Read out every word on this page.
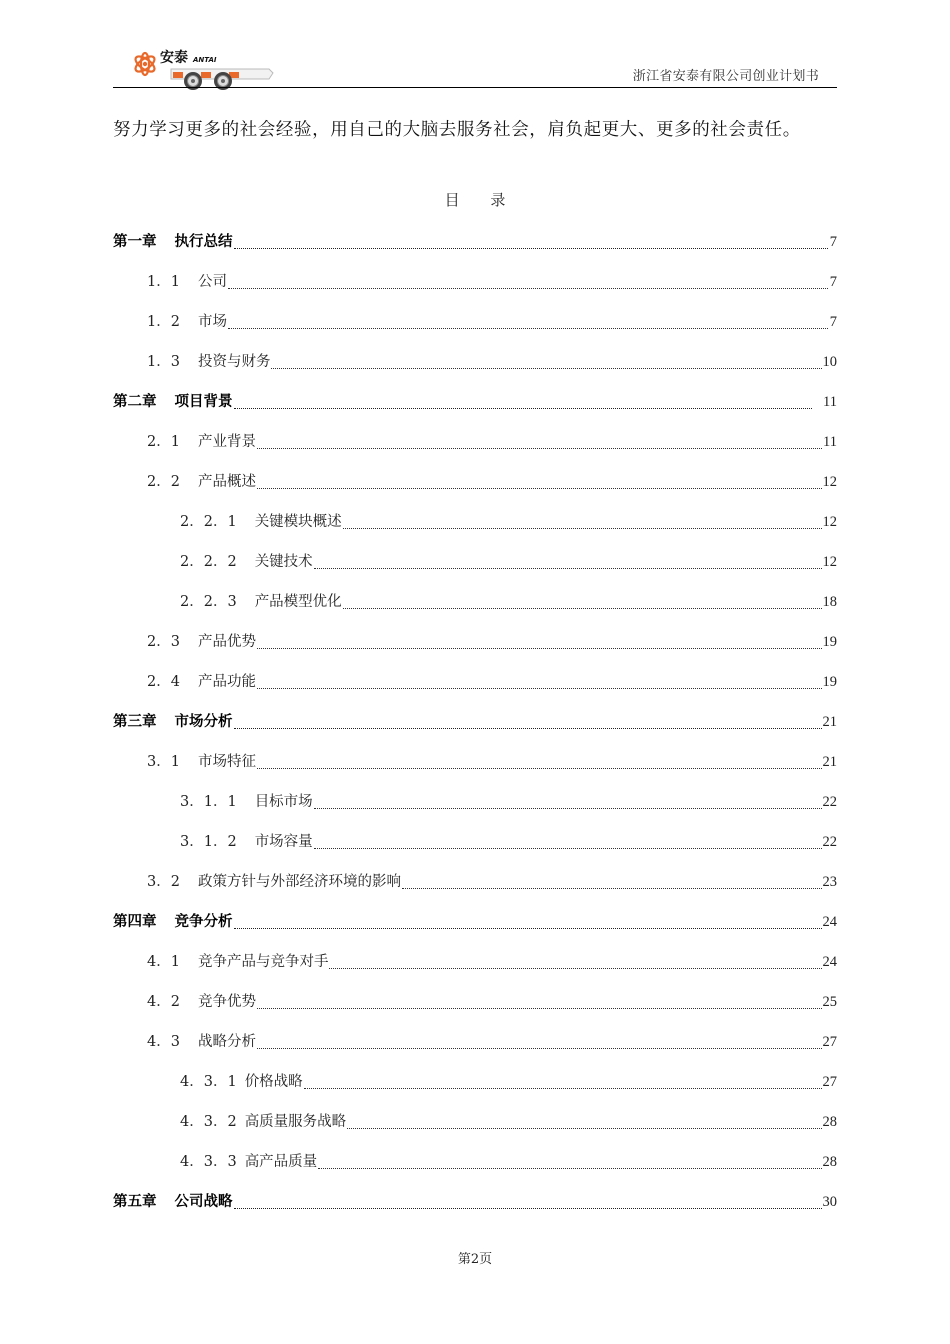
安泰 ANTAI
浙江省安泰有限公司创业计划书
努力学习更多的社会经验，用自己的大脑去服务社会，肩负起更大、更多的社会责任。
目 录
第一章 执行总结	7
1．1 公司	7
1．2 市场	7
1．3 投资与财务	10
第二章 项目背景	11
2．1 产业背景	11
2．2 产品概述	12
2．2．1 关键模块概述	12
2．2．2 关键技术	12
2．2．3 产品模型优化	18
2．3 产品优势	19
2．4 产品功能	19
第三章 市场分析	21
3．1 市场特征	21
3．1．1 目标市场	22
3．1．2 市场容量	22
3．2 政策方针与外部经济环境的影响	23
第四章 竞争分析	24
4．1 竞争产品与竞争对手	24
4．2 竞争优势	25
4．3 战略分析	27
4．3．1 价格战略	27
4．3．2 高质量服务战略	28
4．3．3 高产品质量	28
第五章 公司战略	30
第2页
